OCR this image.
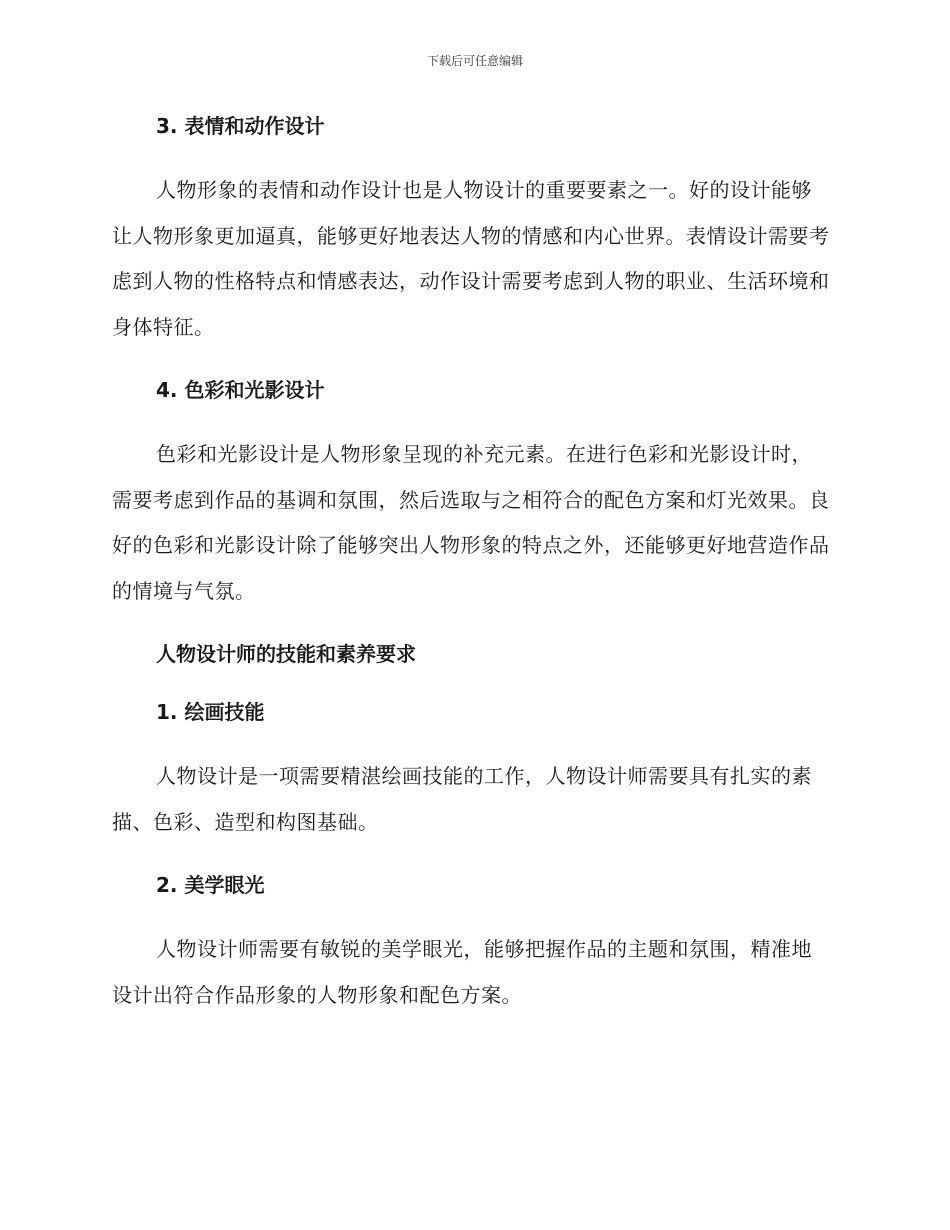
下载后可任意编辑
3. 表情和动作设计

人物形象的表情和动作设计也是人物设计的重要要素之一。好的设计能够让人物形象更加逼真，能够更好地表达人物的情感和内心世界。表情设计需要考虑到人物的性格特点和情感表达，动作设计需要考虑到人物的职业、生活环境和身体特征。

4. 色彩和光影设计

色彩和光影设计是人物形象呈现的补充元素。在进行色彩和光影设计时，需要考虑到作品的基调和氛围，然后选取与之相符合的配色方案和灯光效果。良好的色彩和光影设计除了能够突出人物形象的特点之外，还能够更好地营造作品的情境与气氛。

人物设计师的技能和素养要求
1. 绘画技能

人物设计是一项需要精湛绘画技能的工作，人物设计师需要具有扎实的素描、色彩、造型和构图基础。

2. 美学眼光

人物设计师需要有敏锐的美学眼光，能够把握作品的主题和氛围，精准地设计出符合作品形象的人物形象和配色方案。
